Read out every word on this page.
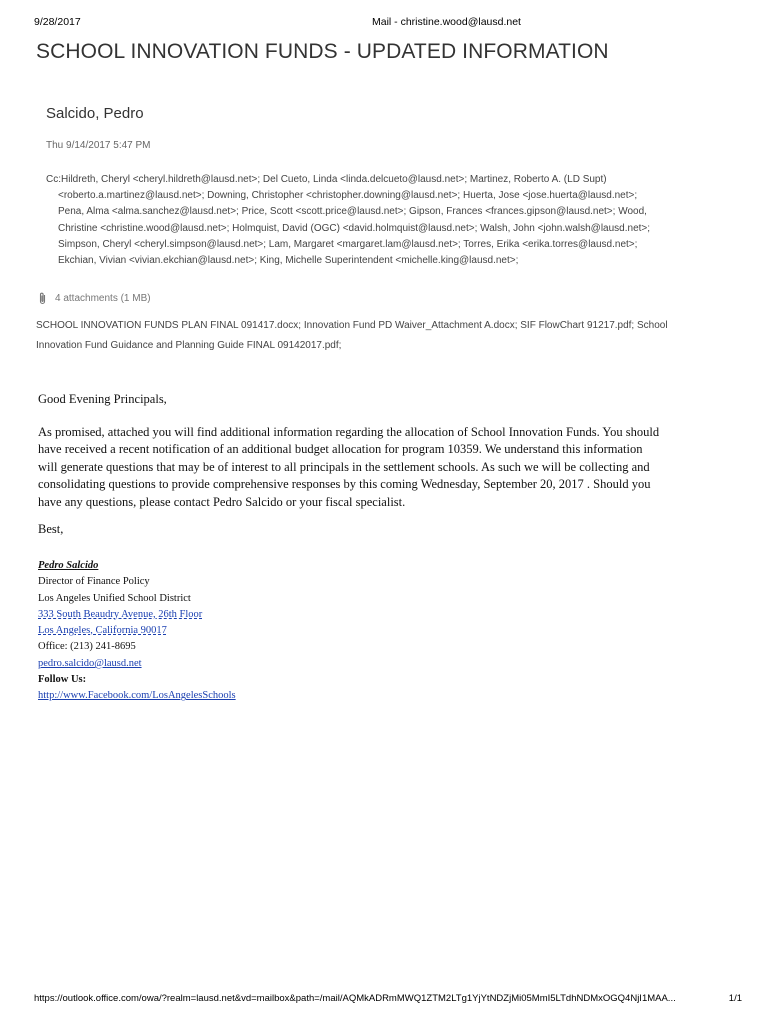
9/28/2017	Mail - christine.wood@lausd.net
SCHOOL INNOVATION FUNDS - UPDATED INFORMATION
Salcido, Pedro
Thu 9/14/2017 5:47 PM
Cc:Hildreth, Cheryl <cheryl.hildreth@lausd.net>; Del Cueto, Linda <linda.delcueto@lausd.net>; Martinez, Roberto A. (LD Supt)
<roberto.a.martinez@lausd.net>; Downing, Christopher <christopher.downing@lausd.net>; Huerta, Jose <jose.huerta@lausd.net>;
Pena, Alma <alma.sanchez@lausd.net>; Price, Scott <scott.price@lausd.net>; Gipson, Frances <frances.gipson@lausd.net>; Wood,
Christine <christine.wood@lausd.net>; Holmquist, David (OGC) <david.holmquist@lausd.net>; Walsh, John <john.walsh@lausd.net>;
Simpson, Cheryl <cheryl.simpson@lausd.net>; Lam, Margaret <margaret.lam@lausd.net>; Torres, Erika <erika.torres@lausd.net>;
Ekchian, Vivian <vivian.ekchian@lausd.net>; King, Michelle Superintendent <michelle.king@lausd.net>;
4 attachments (1 MB)
SCHOOL INNOVATION FUNDS PLAN FINAL 091417.docx; Innovation Fund PD Waiver_Attachment A.docx; SIF FlowChart 91217.pdf; School
Innovation Fund Guidance and Planning Guide FINAL 09142017.pdf;
Good Evening Principals,
As promised, attached you will find additional information regarding the allocation of School Innovation Funds. You should
have received a recent notification of an additional budget allocation for program 10359. We understand this information
will generate questions that may be of interest to all principals in the settlement schools. As such we will be collecting and
consolidating questions to provide comprehensive responses by this coming Wednesday, September 20, 2017 . Should you
have any questions, please contact Pedro Salcido or your fiscal specialist.
Best,
Pedro Salcido
Director of Finance Policy
Los Angeles Unified School District
333 South Beaudry Avenue, 26th Floor
Los Angeles, California 90017
Office: (213) 241-8695
pedro.salcido@lausd.net
Follow Us:
http://www.Facebook.com/LosAngelesSchools
https://outlook.office.com/owa/?realm=lausd.net&vd=mailbox&path=/mail/AQMkADRmMWQ1ZTM2LTg1YjYtNDZjMi05MmI5LTdhNDMxOGQ4NjI1MAA...	1/1
